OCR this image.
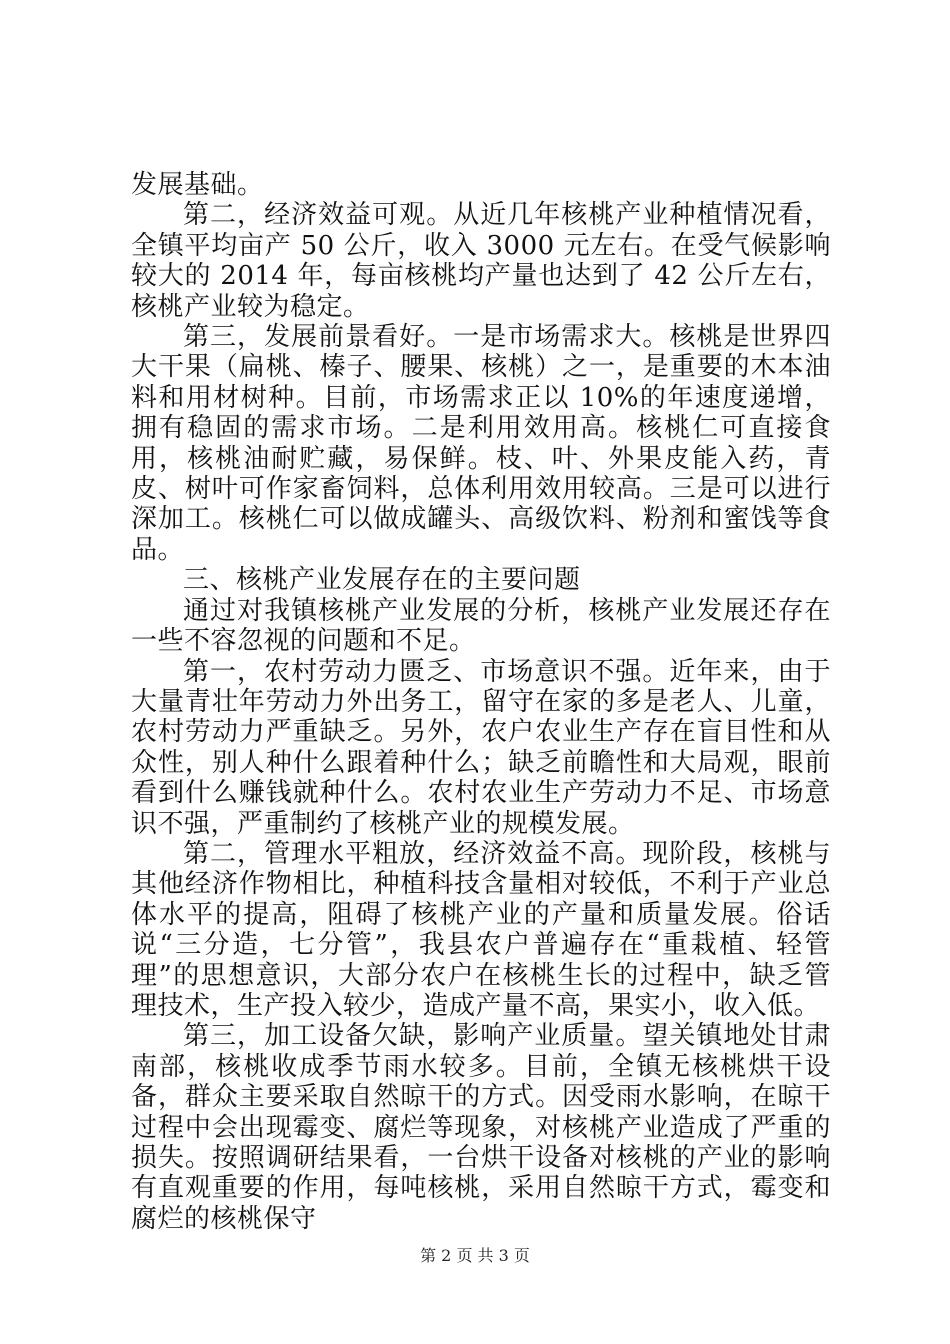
发展基础。

第二，经济效益可观。从近几年核桃产业种植情况看，全镇平均亩产 50 公斤，收入 3000 元左右。在受气候影响较大的 2014 年，每亩核桃均产量也达到了 42 公斤左右，核桃产业较为稳定。

第三，发展前景看好。一是市场需求大。核桃是世界四大干果（扁桃、榛子、腰果、核桃）之一，是重要的木本油料和用材树种。目前，市场需求正以 10%的年速度递增，拥有稳固的需求市场。二是利用效用高。核桃仁可直接食用，核桃油耐贮藏，易保鲜。枝、叶、外果皮能入药，青皮、树叶可作家畜饲料，总体利用效用较高。三是可以进行深加工。核桃仁可以做成罐头、高级饮料、粉剂和蜜饯等食品。

三、核桃产业发展存在的主要问题

通过对我镇核桃产业发展的分析，核桃产业发展还存在一些不容忽视的问题和不足。

第一，农村劳动力匮乏、市场意识不强。近年来，由于大量青壮年劳动力外出务工，留守在家的多是老人、儿童，农村劳动力严重缺乏。另外，农户农业生产存在盲目性和从众性，别人种什么跟着种什么；缺乏前瞻性和大局观，眼前看到什么赚钱就种什么。农村农业生产劳动力不足、市场意识不强，严重制约了核桃产业的规模发展。

第二，管理水平粗放，经济效益不高。现阶段，核桃与其他经济作物相比，种植科技含量相对较低，不利于产业总体水平的提高，阻碍了核桃产业的产量和质量发展。俗话说“三分造，七分管”，我县农户普遍存在“重栽植、轻管理”的思想意识，大部分农户在核桃生长的过程中，缺乏管理技术，生产投入较少，造成产量不高，果实小，收入低。

第三，加工设备欠缺，影响产业质量。望关镇地处甘肃南部，核桃收成季节雨水较多。目前，全镇无核桃烘干设备，群众主要采取自然晾干的方式。因受雨水影响，在晾干过程中会出现霉变、腐烂等现象，对核桃产业造成了严重的损失。按照调研结果看，一台烘干设备对核桃的产业的影响有直观重要的作用，每吨核桃，采用自然晾干方式，霉变和腐烂的核桃保守

第 2 页 共 3 页
